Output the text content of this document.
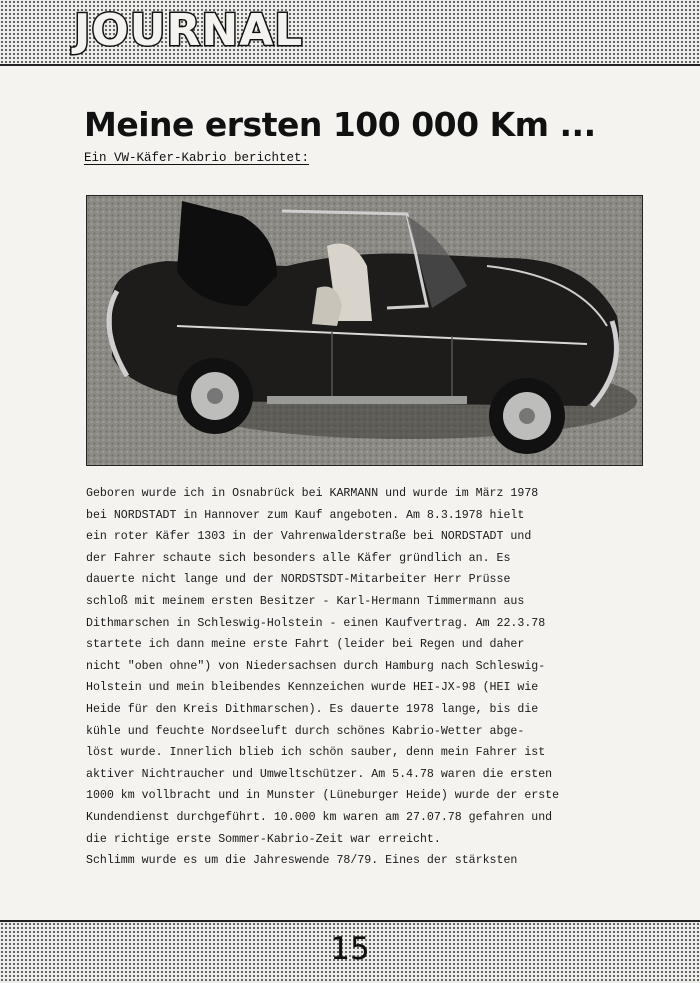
JOURNAL
Meine ersten 100 000 Km ...
Ein VW-Käfer-Kabrio berichtet:
Geboren wurde ich in Osnabrück bei KARMANN und wurde im März 1978
bei NORDSTADT in Hannover zum Kauf angeboten. Am 8.3.1978 hielt
ein roter Käfer 1303 in der Vahrenwalderstraße bei NORDSTADT und
der Fahrer schaute sich besonders alle Käfer gründlich an. Es
dauerte nicht lange und der NORDSTSDT-Mitarbeiter Herr Prüsse
schloß mit meinem ersten Besitzer - Karl-Hermann Timmermann aus
Dithmarschen in Schleswig-Holstein - einen Kaufvertrag. Am 22.3.78
startete ich dann meine erste Fahrt (leider bei Regen und daher
nicht "oben ohne") von Niedersachsen durch Hamburg nach Schleswig-
Holstein und mein bleibendes Kennzeichen wurde HEI-JX-98 (HEI wie
Heide für den Kreis Dithmarschen). Es dauerte 1978 lange, bis die
kühle und feuchte Nordseeluft durch schönes Kabrio-Wetter abge-
löst wurde. Innerlich blieb ich schön sauber, denn mein Fahrer ist
aktiver Nichtraucher und Umweltschützer. Am 5.4.78 waren die ersten
1000 km vollbracht und in Munster (Lüneburger Heide) wurde der erste
Kundendienst durchgeführt. 10.000 km waren am 27.07.78 gefahren und
die richtige erste Sommer-Kabrio-Zeit war erreicht.
Schlimm wurde es um die Jahreswende 78/79. Eines der stärksten
15
